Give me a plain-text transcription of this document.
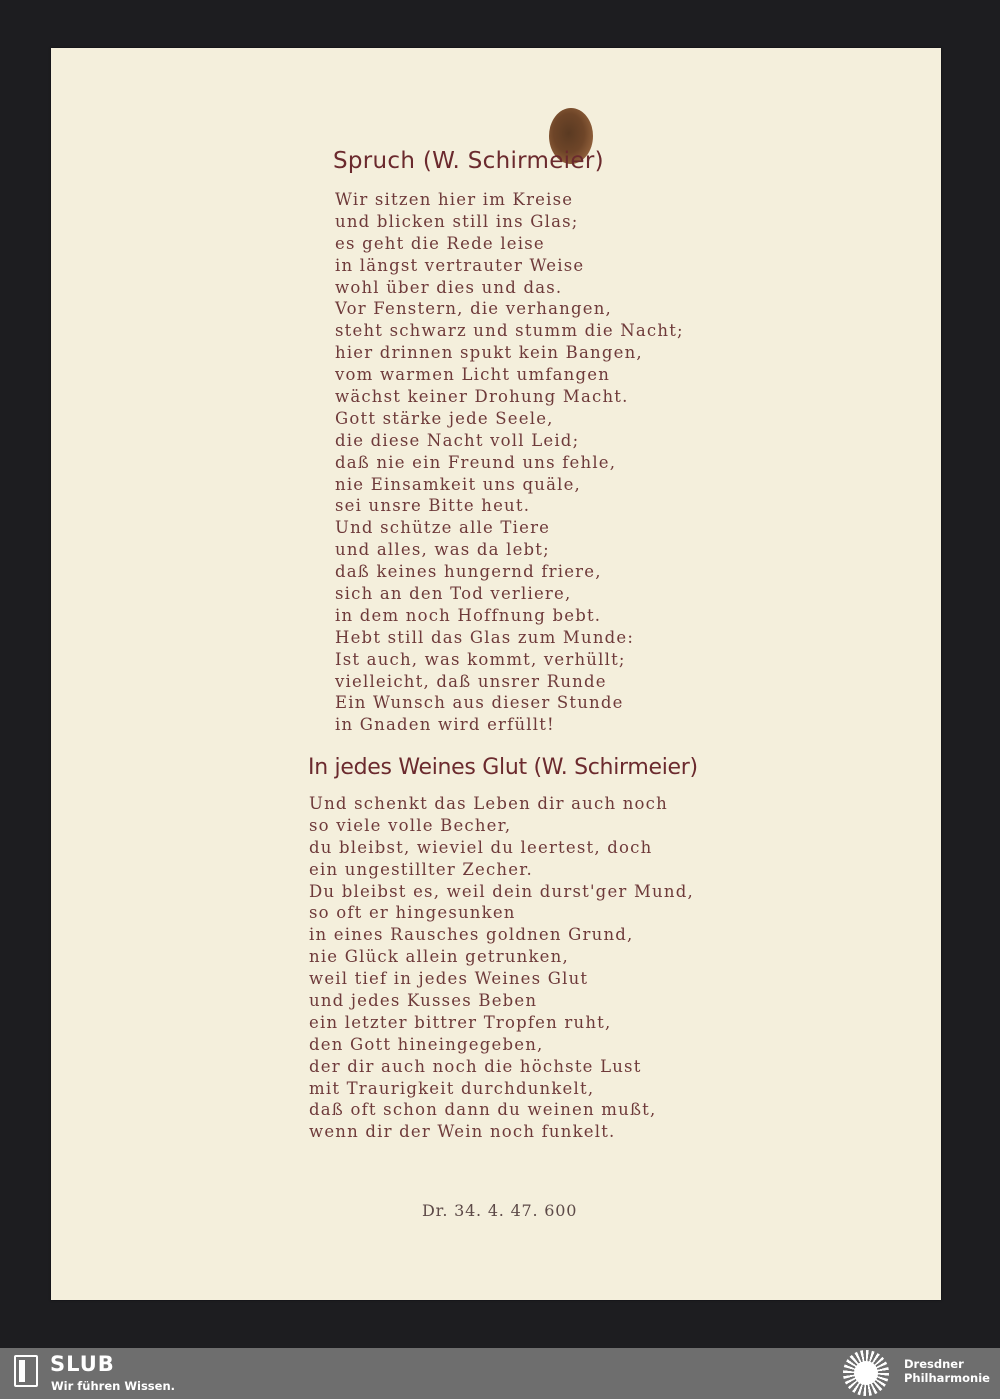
Spruch (W. Schirmeier)
Wir sitzen hier im Kreise
und blicken still ins Glas;
es geht die Rede leise
in längst vertrauter Weise
wohl über dies und das.
Vor Fenstern, die verhangen,
steht schwarz und stumm die Nacht;
hier drinnen spukt kein Bangen,
vom warmen Licht umfangen
wächst keiner Drohung Macht.
Gott stärke jede Seele,
die diese Nacht voll Leid;
daß nie ein Freund uns fehle,
nie Einsamkeit uns quäle,
sei unsre Bitte heut.
Und schütze alle Tiere
und alles, was da lebt;
daß keines hungernd friere,
sich an den Tod verliere,
in dem noch Hoffnung bebt.
Hebt still das Glas zum Munde:
Ist auch, was kommt, verhüllt;
vielleicht, daß unsrer Runde
Ein Wunsch aus dieser Stunde
in Gnaden wird erfüllt!
In jedes Weines Glut (W. Schirmeier)
Und schenkt das Leben dir auch noch
so viele volle Becher,
du bleibst, wieviel du leertest, doch
ein ungestillter Zecher.
Du bleibst es, weil dein durst'ger Mund,
so oft er hingesunken
in eines Rausches goldnen Grund,
nie Glück allein getrunken,
weil tief in jedes Weines Glut
und jedes Kusses Beben
ein letzter bittrer Tropfen ruht,
den Gott hineingegeben,
der dir auch noch die höchste Lust
mit Traurigkeit durchdunkelt,
daß oft schon dann du weinen mußt,
wenn dir der Wein noch funkelt.

Dr. 34. 4. 47. 600

SLUB

Wir führen Wissen.

Dresdner
Philharmonie
